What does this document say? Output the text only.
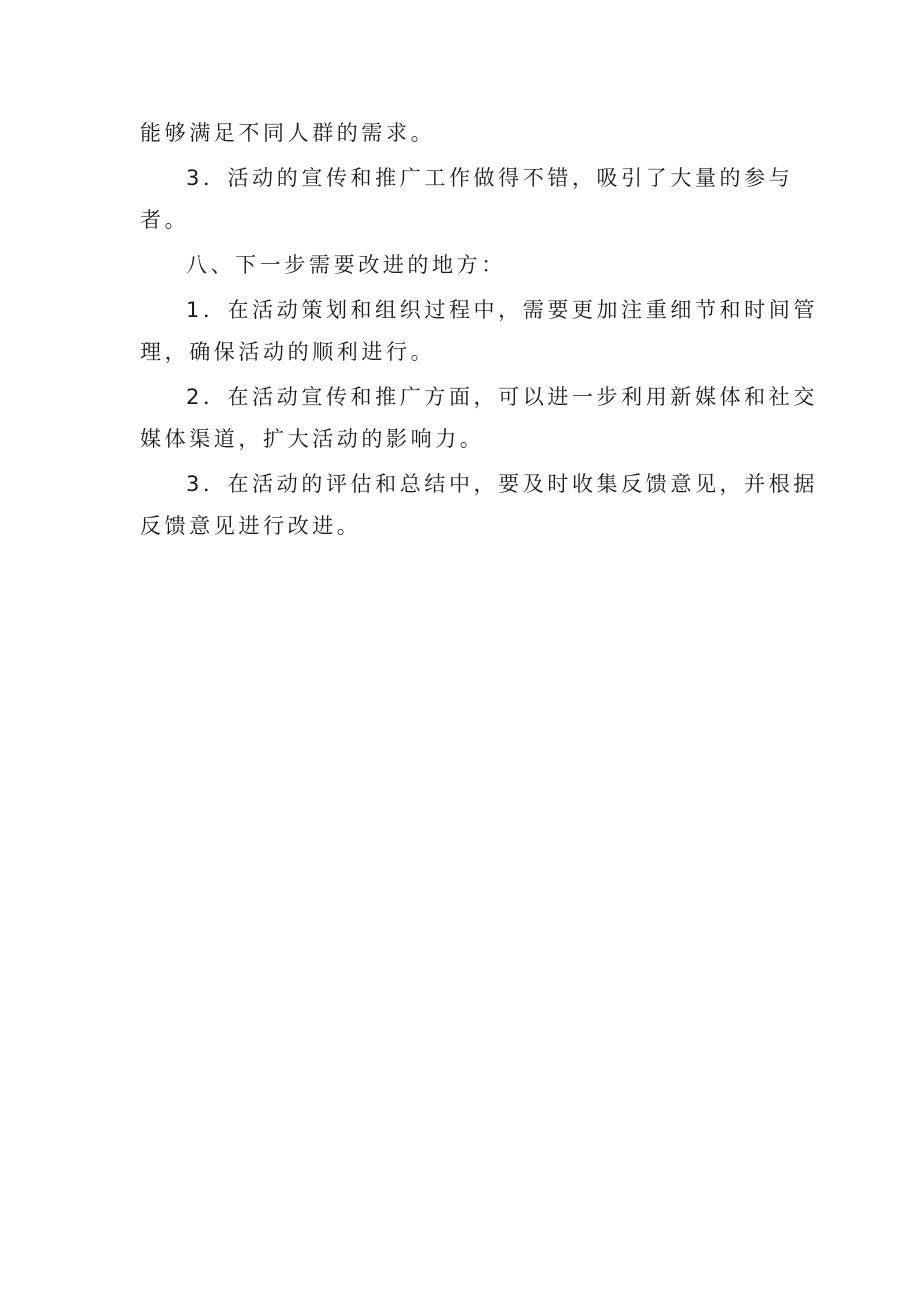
能够满足不同人群的需求。
3．活动的宣传和推广工作做得不错，吸引了大量的参与
者。
八、下一步需要改进的地方：
1．在活动策划和组织过程中，需要更加注重细节和时间管
理，确保活动的顺利进行。
2．在活动宣传和推广方面，可以进一步利用新媒体和社交
媒体渠道，扩大活动的影响力。
3．在活动的评估和总结中，要及时收集反馈意见，并根据
反馈意见进行改进。
